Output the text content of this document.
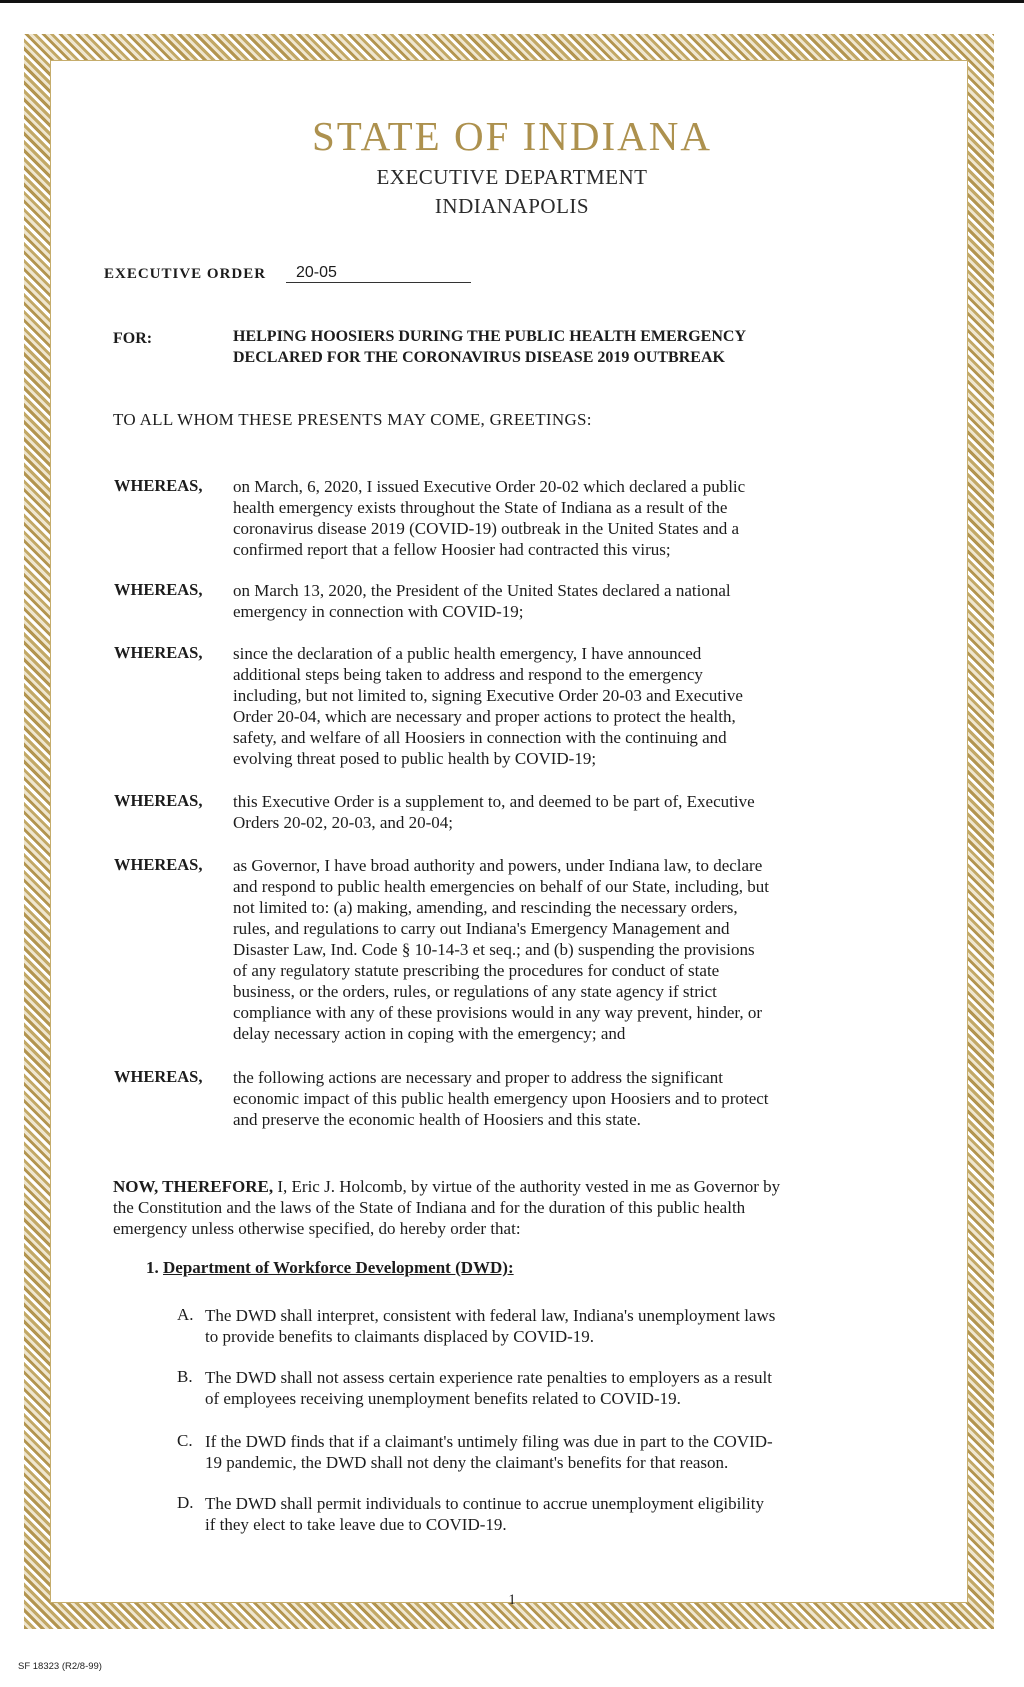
STATE OF INDIANA
EXECUTIVE DEPARTMENT
INDIANAPOLIS
EXECUTIVE ORDER	20-05
FOR:	HELPING HOOSIERS DURING THE PUBLIC HEALTH EMERGENCY
DECLARED FOR THE CORONAVIRUS DISEASE 2019 OUTBREAK
TO ALL WHOM THESE PRESENTS MAY COME, GREETINGS:
WHEREAS, on March, 6, 2020, I issued Executive Order 20-02 which declared a public
health emergency exists throughout the State of Indiana as a result of the
coronavirus disease 2019 (COVID-19) outbreak in the United States and a
confirmed report that a fellow Hoosier had contracted this virus;
WHEREAS, on March 13, 2020, the President of the United States declared a national
emergency in connection with COVID-19;
WHEREAS, since the declaration of a public health emergency, I have announced
additional steps being taken to address and respond to the emergency
including, but not limited to, signing Executive Order 20-03 and Executive
Order 20-04, which are necessary and proper actions to protect the health,
safety, and welfare of all Hoosiers in connection with the continuing and
evolving threat posed to public health by COVID-19;
WHEREAS, this Executive Order is a supplement to, and deemed to be part of, Executive
Orders 20-02, 20-03, and 20-04;
WHEREAS, as Governor, I have broad authority and powers, under Indiana law, to declare
and respond to public health emergencies on behalf of our State, including, but
not limited to: (a) making, amending, and rescinding the necessary orders,
rules, and regulations to carry out Indiana's Emergency Management and
Disaster Law, Ind. Code § 10-14-3 et seq.; and (b) suspending the provisions
of any regulatory statute prescribing the procedures for conduct of state
business, or the orders, rules, or regulations of any state agency if strict
compliance with any of these provisions would in any way prevent, hinder, or
delay necessary action in coping with the emergency; and
WHEREAS, the following actions are necessary and proper to address the significant
economic impact of this public health emergency upon Hoosiers and to protect
and preserve the economic health of Hoosiers and this state.
NOW, THEREFORE, I, Eric J. Holcomb, by virtue of the authority vested in me as Governor by
the Constitution and the laws of the State of Indiana and for the duration of this public health
emergency unless otherwise specified, do hereby order that:
1. Department of Workforce Development (DWD):
A. The DWD shall interpret, consistent with federal law, Indiana's unemployment laws
to provide benefits to claimants displaced by COVID-19.
B. The DWD shall not assess certain experience rate penalties to employers as a result
of employees receiving unemployment benefits related to COVID-19.
C. If the DWD finds that if a claimant's untimely filing was due in part to the COVID-
19 pandemic, the DWD shall not deny the claimant's benefits for that reason.
D. The DWD shall permit individuals to continue to accrue unemployment eligibility
if they elect to take leave due to COVID-19.
1
SF 18323 (R2/8-99)
